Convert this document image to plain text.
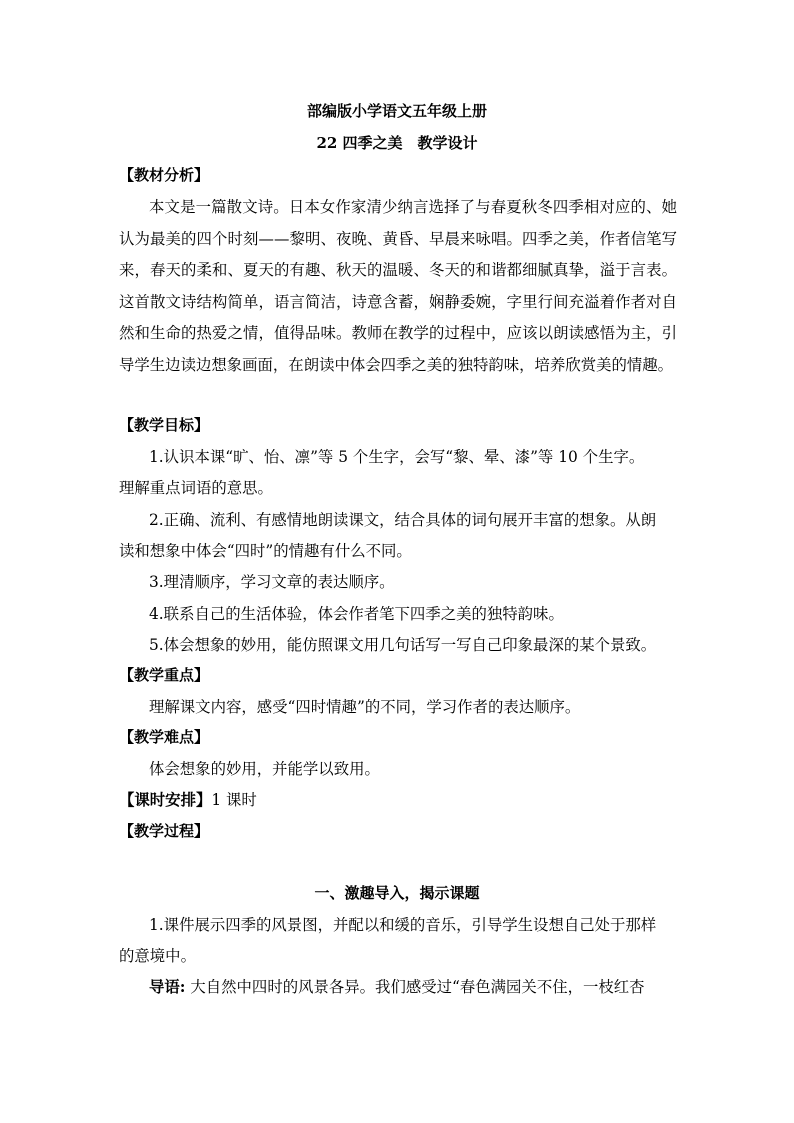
部编版小学语文五年级上册
22 四季之美　教学设计
【教材分析】

本文是一篇散文诗。日本女作家清少纳言选择了与春夏秋冬四季相对应的、她认为最美的四个时刻——黎明、夜晚、黄昏、早晨来咏唱。四季之美，作者信笔写来，春天的柔和、夏天的有趣、秋天的温暖、冬天的和谐都细腻真挚，溢于言表。这首散文诗结构简单，语言简洁，诗意含蓄，娴静委婉，字里行间充溢着作者对自然和生命的热爱之情，值得品味。教师在教学的过程中，应该以朗读感悟为主，引导学生边读边想象画面，在朗读中体会四季之美的独特韵味，培养欣赏美的情趣。

【教学目标】
1.认识本课“旷、怡、凛”等 5 个生字，会写“黎、晕、漆”等 10 个生字。
理解重点词语的意思。
2.正确、流利、有感情地朗读课文，结合具体的词句展开丰富的想象。从朗
读和想象中体会“四时”的情趣有什么不同。
3.理清顺序，学习文章的表达顺序。
4.联系自己的生活体验，体会作者笔下四季之美的独特韵味。
5.体会想象的妙用，能仿照课文用几句话写一写自己印象最深的某个景致。
【教学重点】
理解课文内容，感受“四时情趣”的不同，学习作者的表达顺序。
【教学难点】
体会想象的妙用，并能学以致用。
【课时安排】1 课时
【教学过程】
一、激趣导入，揭示课题
1.课件展示四季的风景图，并配以和缓的音乐，引导学生设想自己处于那样
的意境中。
导语: 大自然中四时的风景各异。我们感受过“春色满园关不住，一枝红杏
